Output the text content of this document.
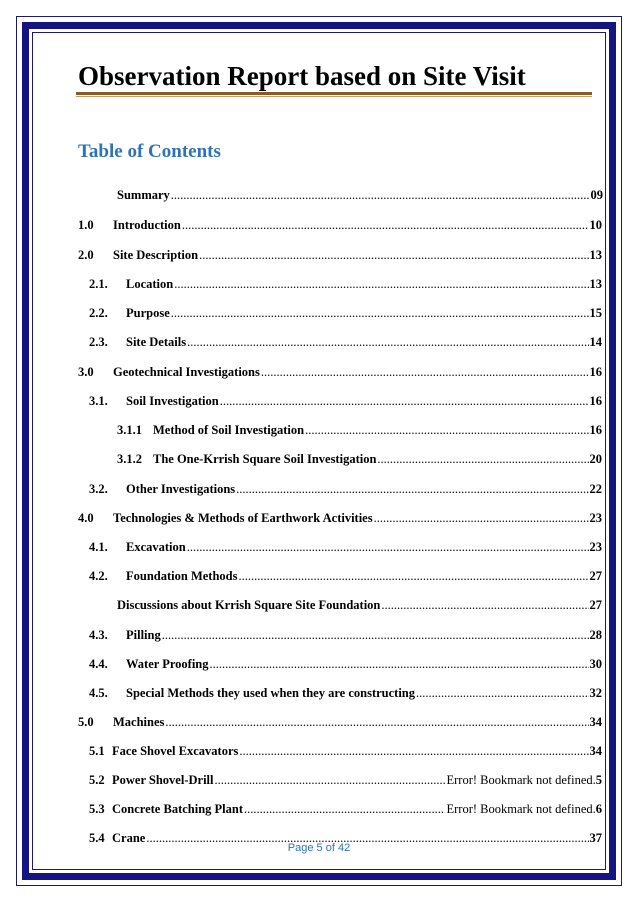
Observation Report based on Site Visit
Table of Contents
Summary .....	09
1.0	Introduction .....	10
2.0	Site Description .....	13
2.1.	Location .....	13
2.2.	Purpose .....	15
2.3.	Site Details .....	14
3.0	Geotechnical Investigations .....	16
3.1.	Soil Investigation .....	16
3.1.1 Method of Soil Investigation .....	16
3.1.2 The One-Krrish Square Soil Investigation .....	20
3.2.	Other Investigations .....	22
4.0	Technologies & Methods of Earthwork Activities .....	23
4.1.	Excavation .....	23
4.2.	Foundation Methods .....	27
Discussions about Krrish Square Site Foundation .....	27
4.3.	Pilling .....	28
4.4.	Water Proofing .....	30
4.5.	Special Methods they used when they are constructing .....	32
5.0	Machines .....	34
5.1 Face Shovel Excavators .....	34
5.2 Power Shovel-Drill .....	Error! Bookmark not defined. 5
5.3 Concrete Batching Plant .....	Error! Bookmark not defined. 6
5.4 Crane .....	37
Page 5 of 42
